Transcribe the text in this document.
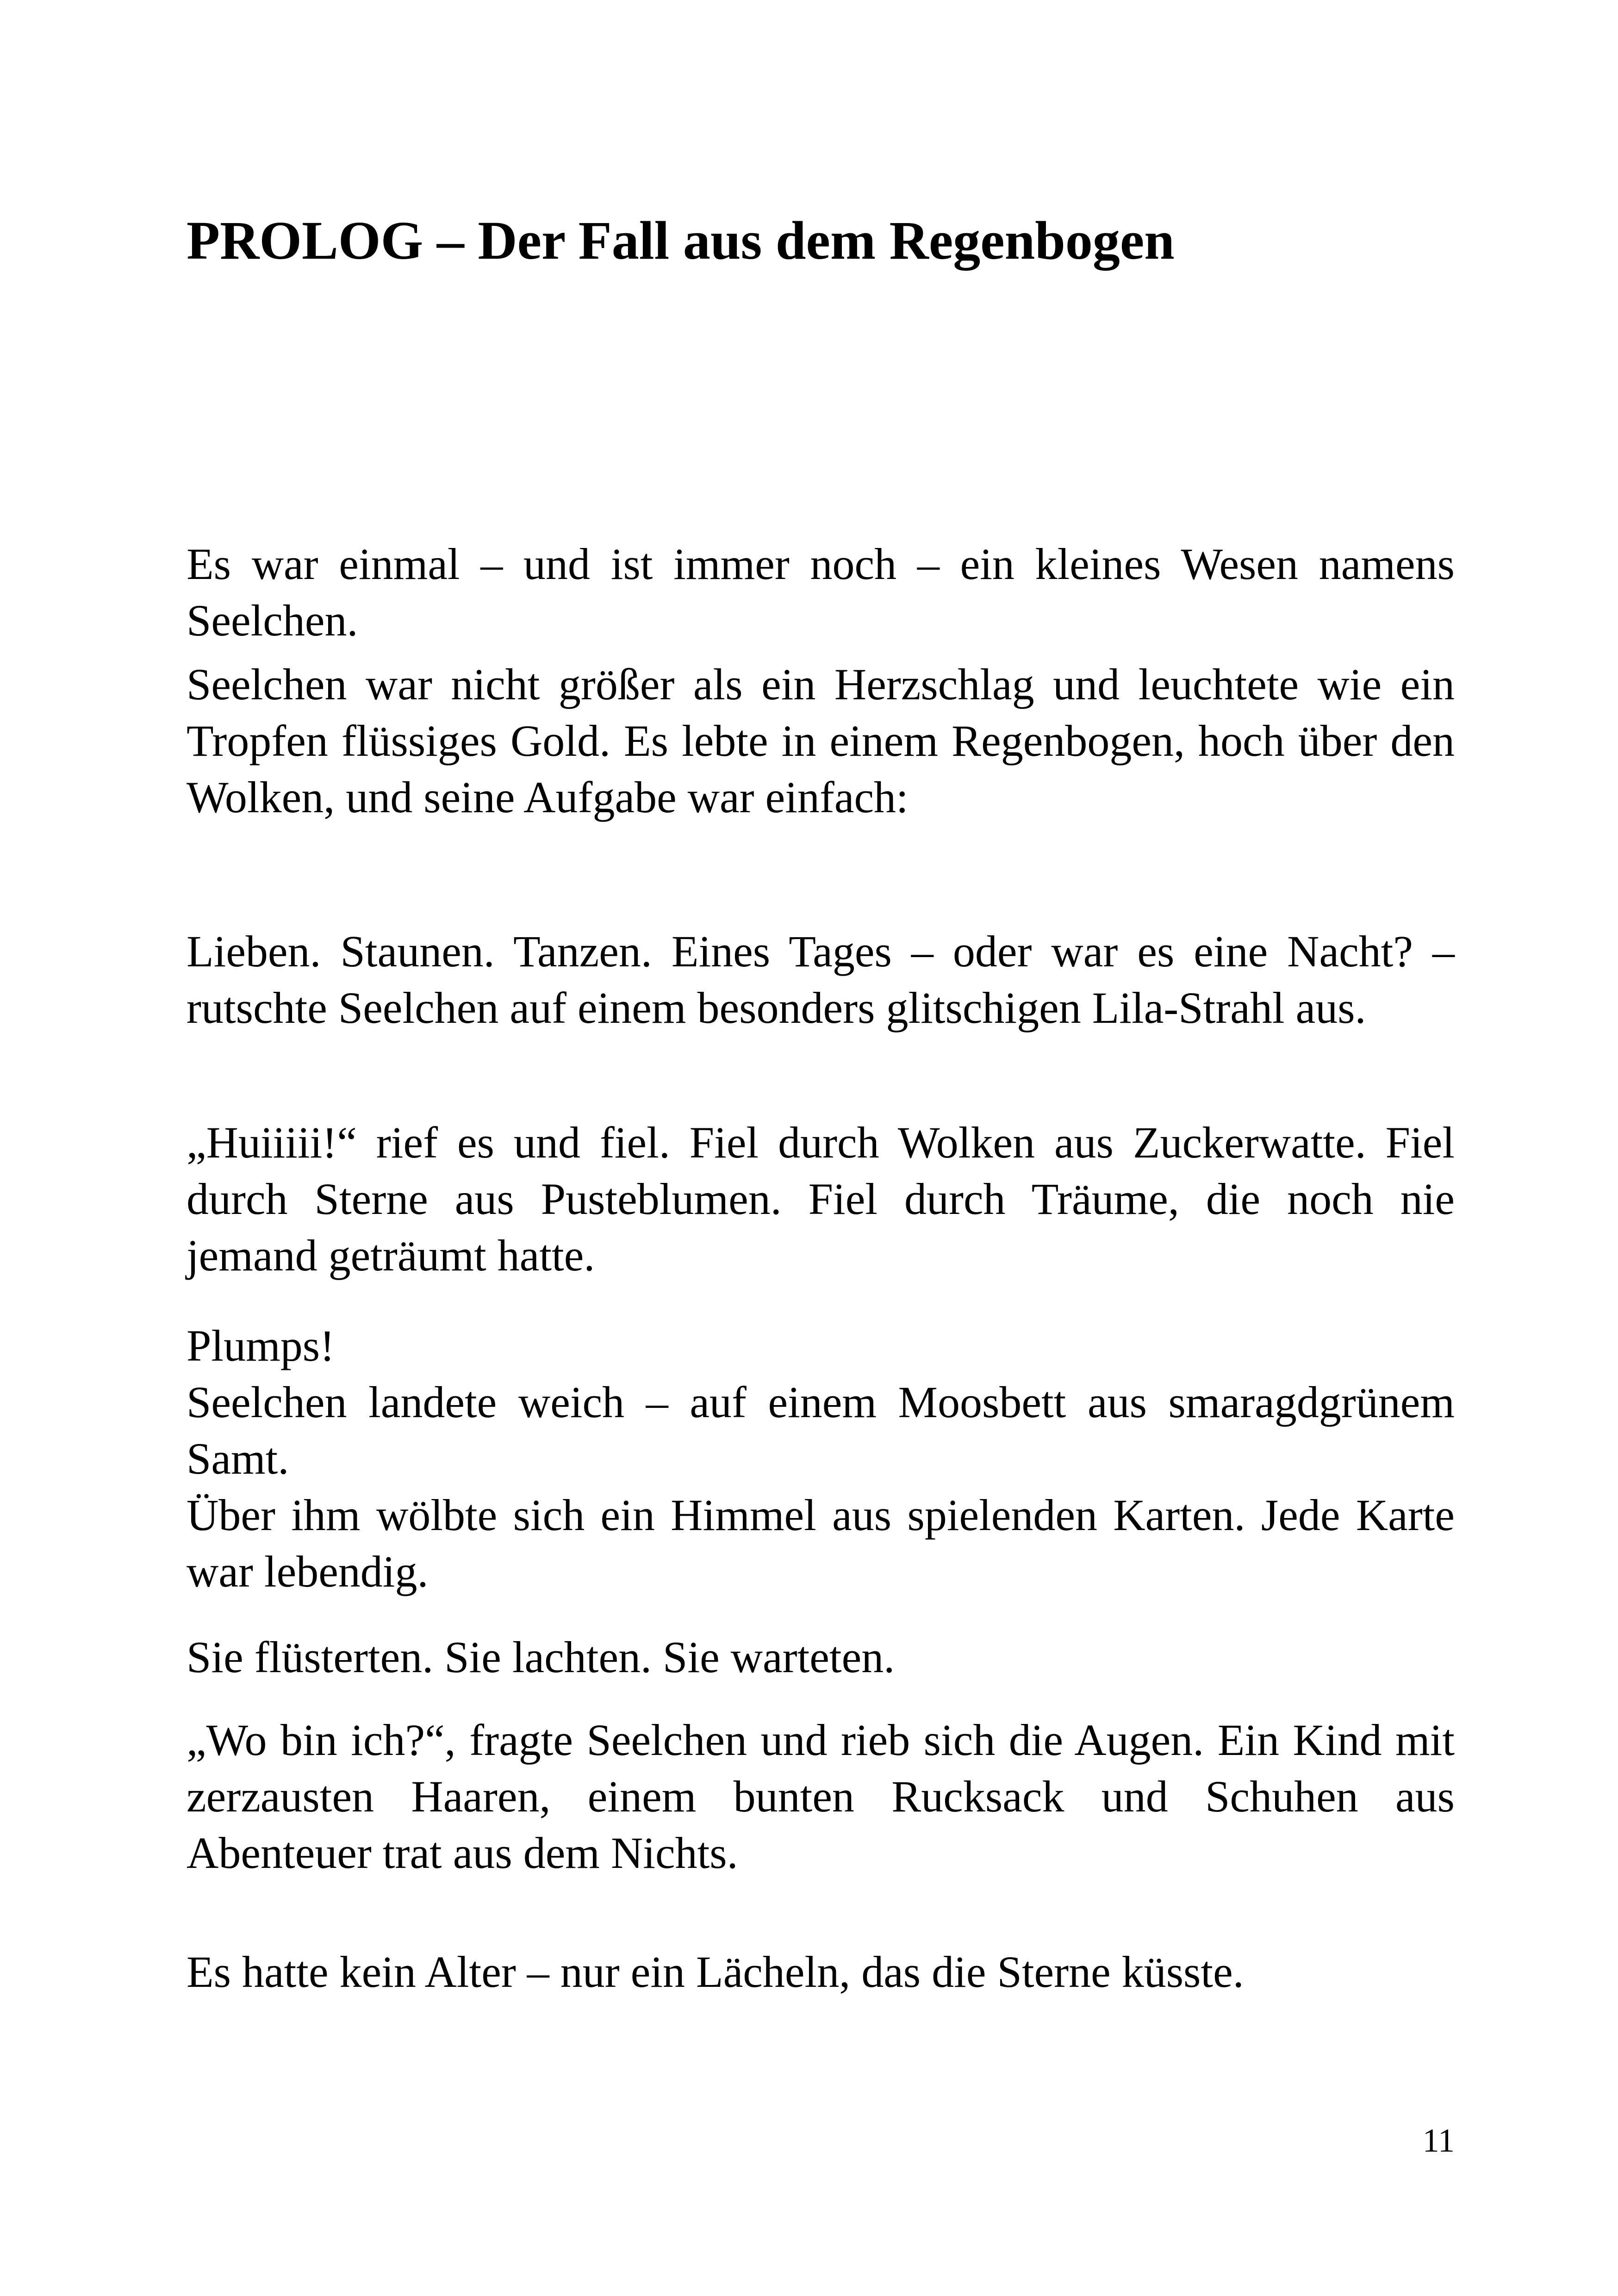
PROLOG – Der Fall aus dem Regenbogen

Es war einmal – und ist immer noch – ein kleines Wesen namens Seelchen.

Seelchen war nicht größer als ein Herzschlag und leuchtete wie ein Tropfen flüssiges Gold. Es lebte in einem Regenbogen, hoch über den Wolken, und seine Aufgabe war einfach:

Lieben. Staunen. Tanzen. Eines Tages – oder war es eine Nacht? – rutschte Seelchen auf einem besonders glitschigen Lila-Strahl aus.

„Huiiiii!“ rief es und fiel. Fiel durch Wolken aus Zuckerwatte. Fiel durch Sterne aus Pusteblumen. Fiel durch Träume, die noch nie jemand geträumt hatte.

Plumps!
Seelchen landete weich – auf einem Moosbett aus smaragdgrünem Samt.
Über ihm wölbte sich ein Himmel aus spielenden Karten. Jede Karte war lebendig.

Sie flüsterten. Sie lachten. Sie warteten.

„Wo bin ich?“, fragte Seelchen und rieb sich die Augen. Ein Kind mit zerzausten Haaren, einem bunten Rucksack und Schuhen aus Abenteuer trat aus dem Nichts.

Es hatte kein Alter – nur ein Lächeln, das die Sterne küsste.

11
